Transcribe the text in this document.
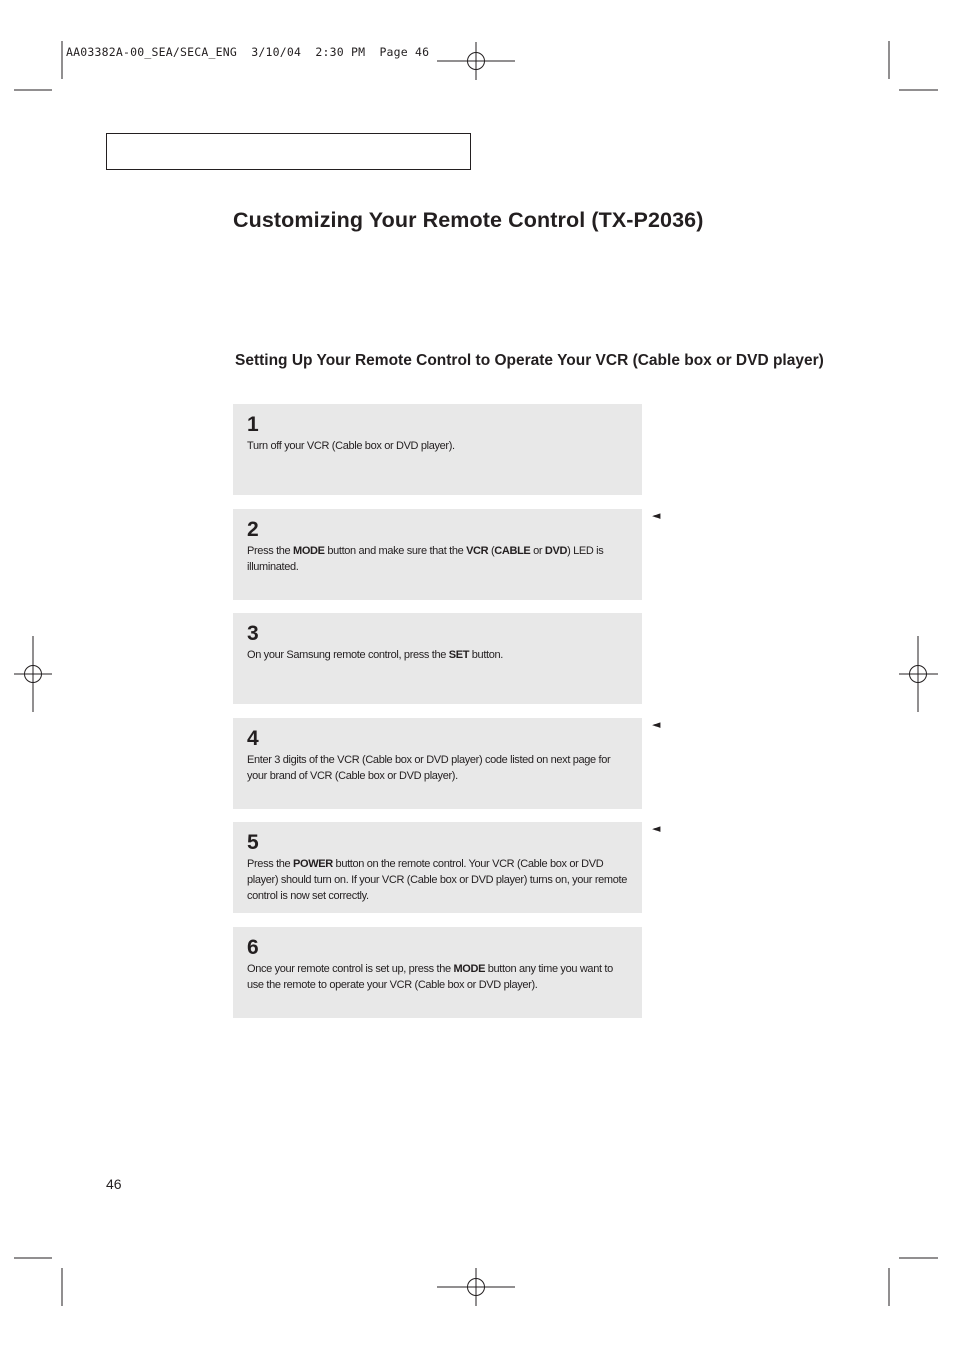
AA03382A-00_SEA/SECA_ENG  3/10/04  2:30 PM  Page 46
Customizing Your Remote Control (TX-P2036)
Setting Up Your Remote Control to Operate Your VCR (Cable box or DVD player)
1

Turn off your VCR (Cable box or DVD player).

2

Press the MODE button and make sure that the VCR (CABLE or DVD) LED is illuminated.

◄
3

On your Samsung remote control, press the SET button.

4

Enter 3 digits of the VCR (Cable box or DVD player) code listed on next page for your brand of VCR (Cable box or DVD player).

◄
5

Press the POWER button on the remote control. Your VCR (Cable box or DVD player) should turn on. If your VCR (Cable box or DVD player) turns on, your remote control is now set correctly.

◄
6

Once your remote control is set up, press the MODE button any time you want to use the remote to operate your VCR (Cable box or DVD player).

46
